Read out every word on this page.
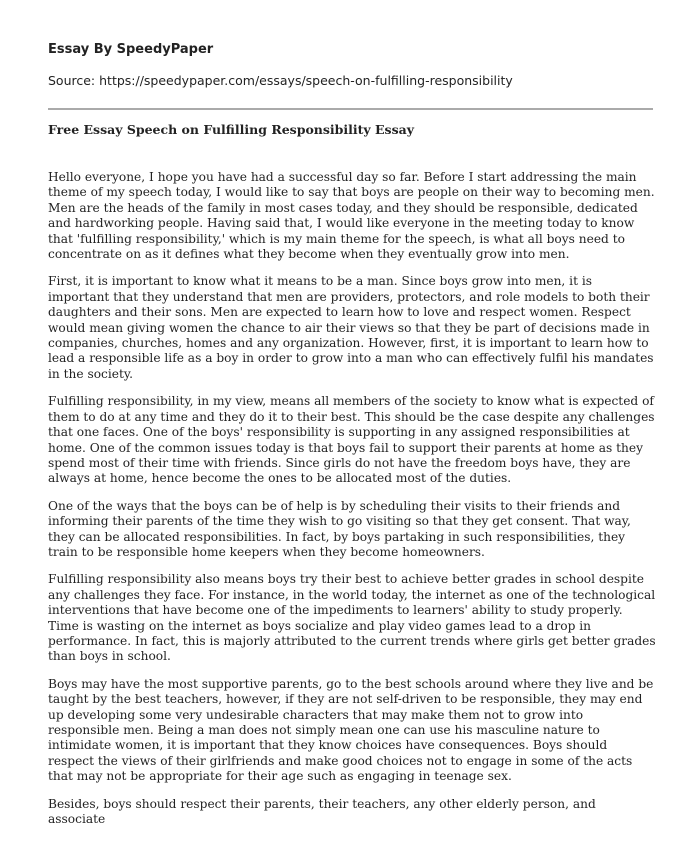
Essay By SpeedyPaper

Source: https://speedypaper.com/essays/speech-on-fulfilling-responsibility

Free Essay Speech on Fulfilling Responsibility Essay

Hello everyone, I hope you have had a successful day so far. Before I start addressing the main theme of my speech today, I would like to say that boys are people on their way to becoming men. Men are the heads of the family in most cases today, and they should be responsible, dedicated and hardworking people. Having said that, I would like everyone in the meeting today to know that 'fulfilling responsibility,' which is my main theme for the speech, is what all boys need to concentrate on as it defines what they become when they eventually grow into men.

First, it is important to know what it means to be a man. Since boys grow into men, it is important that they understand that men are providers, protectors, and role models to both their daughters and their sons. Men are expected to learn how to love and respect women. Respect would mean giving women the chance to air their views so that they be part of decisions made in companies, churches, homes and any organization. However, first, it is important to learn how to lead a responsible life as a boy in order to grow into a man who can effectively fulfil his mandates in the society.

Fulfilling responsibility, in my view, means all members of the society to know what is expected of them to do at any time and they do it to their best. This should be the case despite any challenges that one faces. One of the boys' responsibility is supporting in any assigned responsibilities at home. One of the common issues today is that boys fail to support their parents at home as they spend most of their time with friends. Since girls do not have the freedom boys have, they are always at home, hence become the ones to be allocated most of the duties.

One of the ways that the boys can be of help is by scheduling their visits to their friends and informing their parents of the time they wish to go visiting so that they get consent. That way, they can be allocated responsibilities. In fact, by boys partaking in such responsibilities, they train to be responsible home keepers when they become homeowners.

Fulfilling responsibility also means boys try their best to achieve better grades in school despite any challenges they face. For instance, in the world today, the internet as one of the technological interventions that have become one of the impediments to learners' ability to study properly. Time is wasting on the internet as boys socialize and play video games lead to a drop in performance. In fact, this is majorly attributed to the current trends where girls get better grades than boys in school.

Boys may have the most supportive parents, go to the best schools around where they live and be taught by the best teachers, however, if they are not self-driven to be responsible, they may end up developing some very undesirable characters that may make them not to grow into responsible men. Being a man does not simply mean one can use his masculine nature to intimidate women, it is important that they know choices have consequences. Boys should respect the views of their girlfriends and make good choices not to engage in some of the acts that may not be appropriate for their age such as engaging in teenage sex.

Besides, boys should respect their parents, their teachers, any other elderly person, and associate
